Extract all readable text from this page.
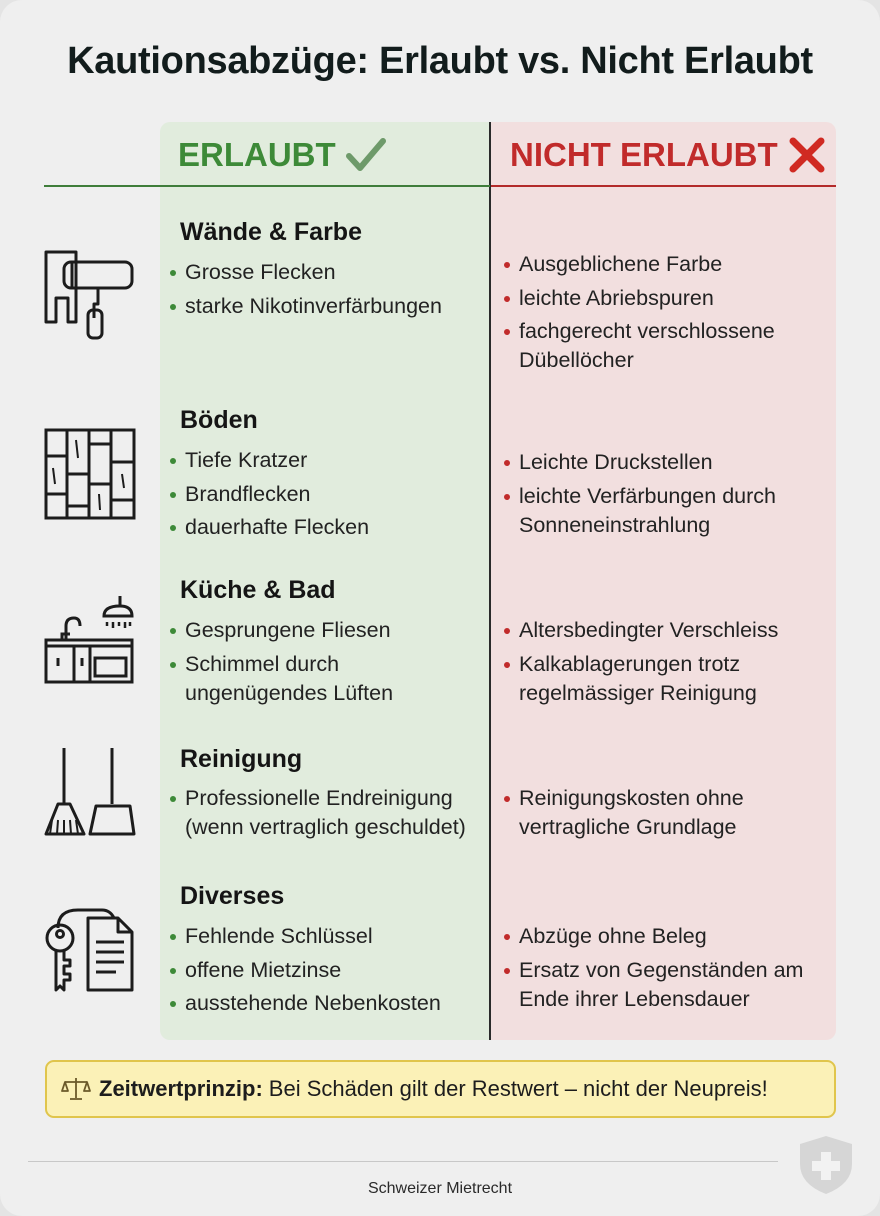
Kautionsabzüge: Erlaubt vs. Nicht Erlaubt
ERLAUBT	NICHT ERLAUBT
Wände & Farbe
Grosse Flecken
starke Nikotinverfärbungen
Ausgeblichene Farbe
leichte Abriebspuren
fachgerecht verschlossene Dübellöcher
Böden
Tiefe Kratzer
Brandflecken
dauerhafte Flecken
Leichte Druckstellen
leichte Verfärbungen durch Sonneneinstrahlung
Küche & Bad
Gesprungene Fliesen
Schimmel durch ungenügendes Lüften
Altersbedingter Verschleiss
Kalkablagerungen trotz regelmässiger Reinigung
Reinigung
Professionelle Endreinigung (wenn vertraglich geschuldet)
Reinigungskosten ohne vertragliche Grundlage
Diverses
Fehlende Schlüssel
offene Mietzinse
ausstehende Nebenkosten
Abzüge ohne Beleg
Ersatz von Gegenständen am Ende ihrer Lebensdauer
Zeitwertprinzip: Bei Schäden gilt der Restwert – nicht der Neupreis!
Schweizer Mietrecht
